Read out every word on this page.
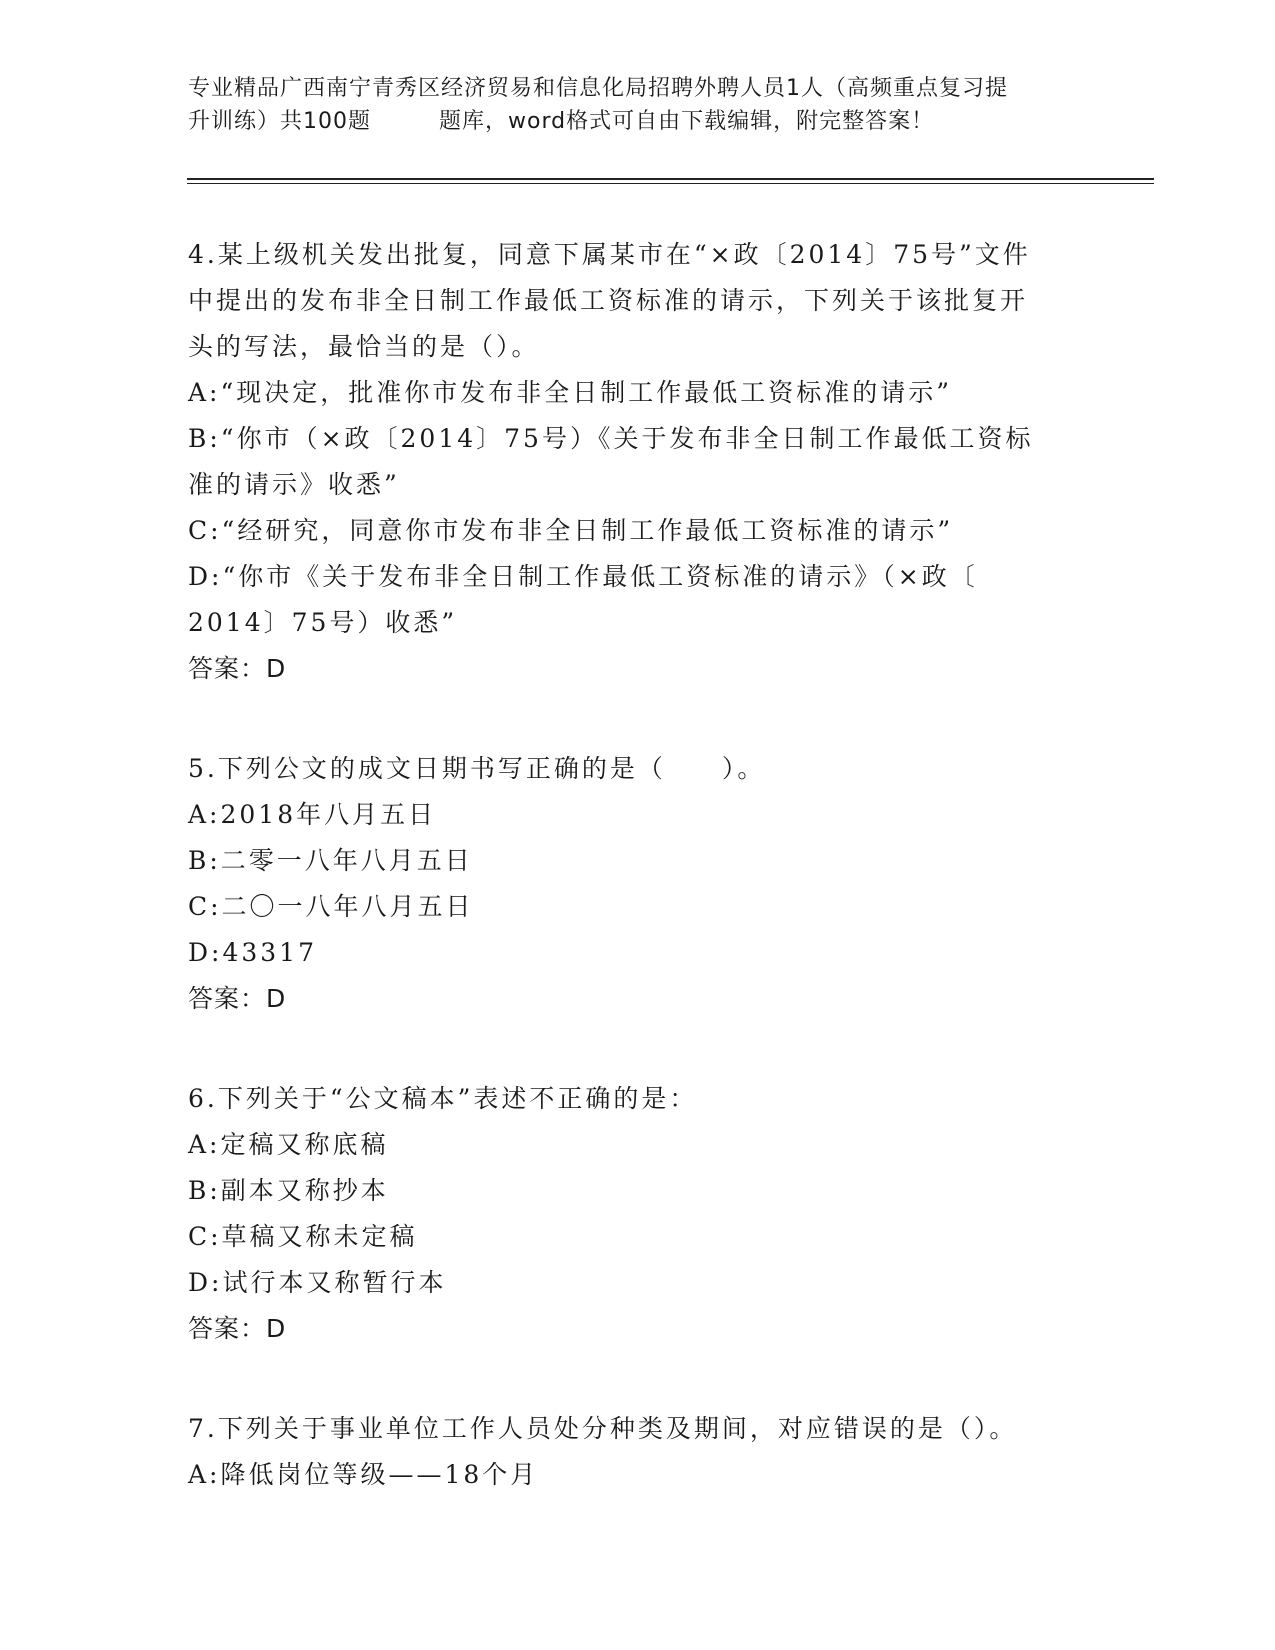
专业精品广西南宁青秀区经济贸易和信息化局招聘外聘人员1人（高频重点复习提
升训练）共100题	题库，word格式可自由下载编辑，附完整答案！
4.某上级机关发出批复，同意下属某市在“×政〔2014〕75号”文件
中提出的发布非全日制工作最低工资标准的请示，下列关于该批复开
头的写法，最恰当的是（）。
A:“现决定，批准你市发布非全日制工作最低工资标准的请示”
B:“你市（×政〔2014〕75号）《关于发布非全日制工作最低工资标
准的请示》收悉”
C:“经研究，同意你市发布非全日制工作最低工资标准的请示”
D:“你市《关于发布非全日制工作最低工资标准的请示》（×政〔
2014〕75号）收悉”
答案：D
5.下列公文的成文日期书写正确的是（　　）。
A:2018年八月五日
B:二零一八年八月五日
C:二〇一八年八月五日
D:43317
答案：D
6.下列关于“公文稿本”表述不正确的是：
A:定稿又称底稿
B:副本又称抄本
C:草稿又称未定稿
D:试行本又称暂行本
答案：D
7.下列关于事业单位工作人员处分种类及期间，对应错误的是（）。
A:降低岗位等级——18个月
